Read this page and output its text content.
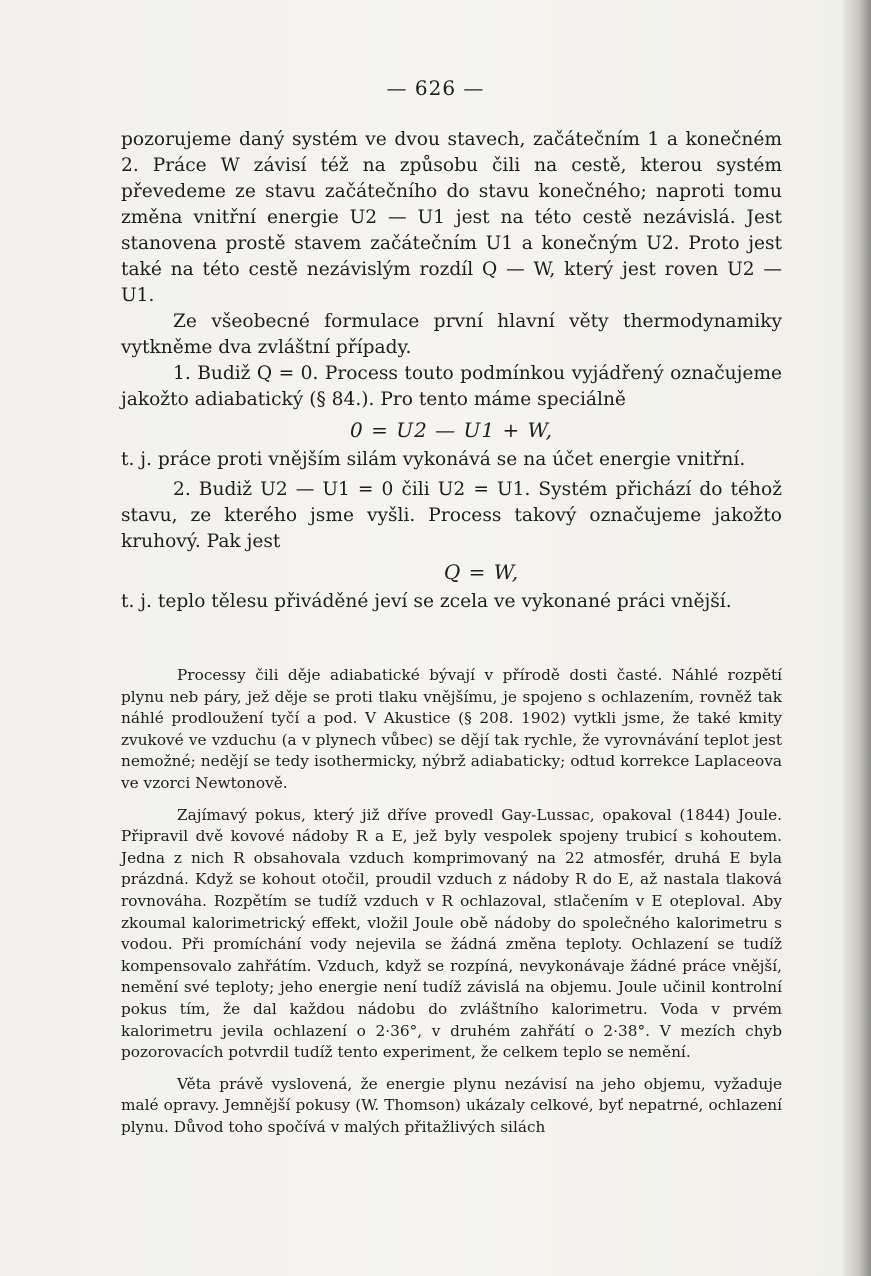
— 626 —

pozorujeme daný systém ve dvou stavech, začátečním 1 a konečném 2. Práce W závisí též na způsobu čili na cestě, kterou systém převedeme ze stavu začátečního do stavu konečného; naproti tomu změna vnitřní energie U2 — U1 jest na této cestě nezávislá. Jest stanovena prostě stavem začátečním U1 a konečným U2. Proto jest také na této cestě nezávislým rozdíl Q — W, který jest roven U2 — U1.

Ze všeobecné formulace první hlavní věty thermodynamiky vytkněme dva zvláštní případy.

1. Budiž Q = 0. Process touto podmínkou vyjádřený označujeme jakožto adiabatický (§ 84.). Pro tento máme speciálně

0 = U2 — U1 + W,

t. j. práce proti vnějším silám vykonává se na účet energie vnitřní.

2. Budiž U2 — U1 = 0 čili U2 = U1. Systém přichází do téhož stavu, ze kterého jsme vyšli. Process takový označujeme jakožto kruhový. Pak jest

Q = W,

t. j. teplo tělesu přiváděné jeví se zcela ve vykonané práci vnější.

Processy čili děje adiabatické bývají v přírodě dosti časté. Náhlé rozpětí plynu neb páry, jež děje se proti tlaku vnějšímu, je spojeno s ochlazením, rovněž tak náhlé prodloužení tyčí a pod. V Akustice (§ 208. 1902) vytkli jsme, že také kmity zvukové ve vzduchu (a v plynech vůbec) se dějí tak rychle, že vyrovnávání teplot jest nemožné; nedějí se tedy isothermicky, nýbrž adiabaticky; odtud korrekce Laplaceova ve vzorci Newtonově.

Zajímavý pokus, který již dříve provedl Gay-Lussac, opakoval (1844) Joule. Připravil dvě kovové nádoby R a E, jež byly vespolek spojeny trubicí s kohoutem. Jedna z nich R obsahovala vzduch komprimovaný na 22 atmosfér, druhá E byla prázdná. Když se kohout otočil, proudil vzduch z nádoby R do E, až nastala tlaková rovnováha. Rozpětím se tudíž vzduch v R ochlazoval, stlačením v E oteploval. Aby zkoumal kalorimetrický effekt, vložil Joule obě nádoby do společného kalorimetru s vodou. Při promíchání vody nejevila se žádná změna teploty. Ochlazení se tudíž kompensovalo zahřátím. Vzduch, když se rozpíná, nevykonávaje žádné práce vnější, nemění své teploty; jeho energie není tudíž závislá na objemu. Joule učinil kontrolní pokus tím, že dal každou nádobu do zvláštního kalorimetru. Voda v prvém kalorimetru jevila ochlazení o 2·36°, v druhém zahřátí o 2·38°. V mezích chyb pozorovacích potvrdil tudíž tento experiment, že celkem teplo se nemění.

Věta právě vyslovená, že energie plynu nezávisí na jeho objemu, vyžaduje malé opravy. Jemnější pokusy (W. Thomson) ukázaly celkové, byť nepatrné, ochlazení plynu. Důvod toho spočívá v malých přitažlivých silách
